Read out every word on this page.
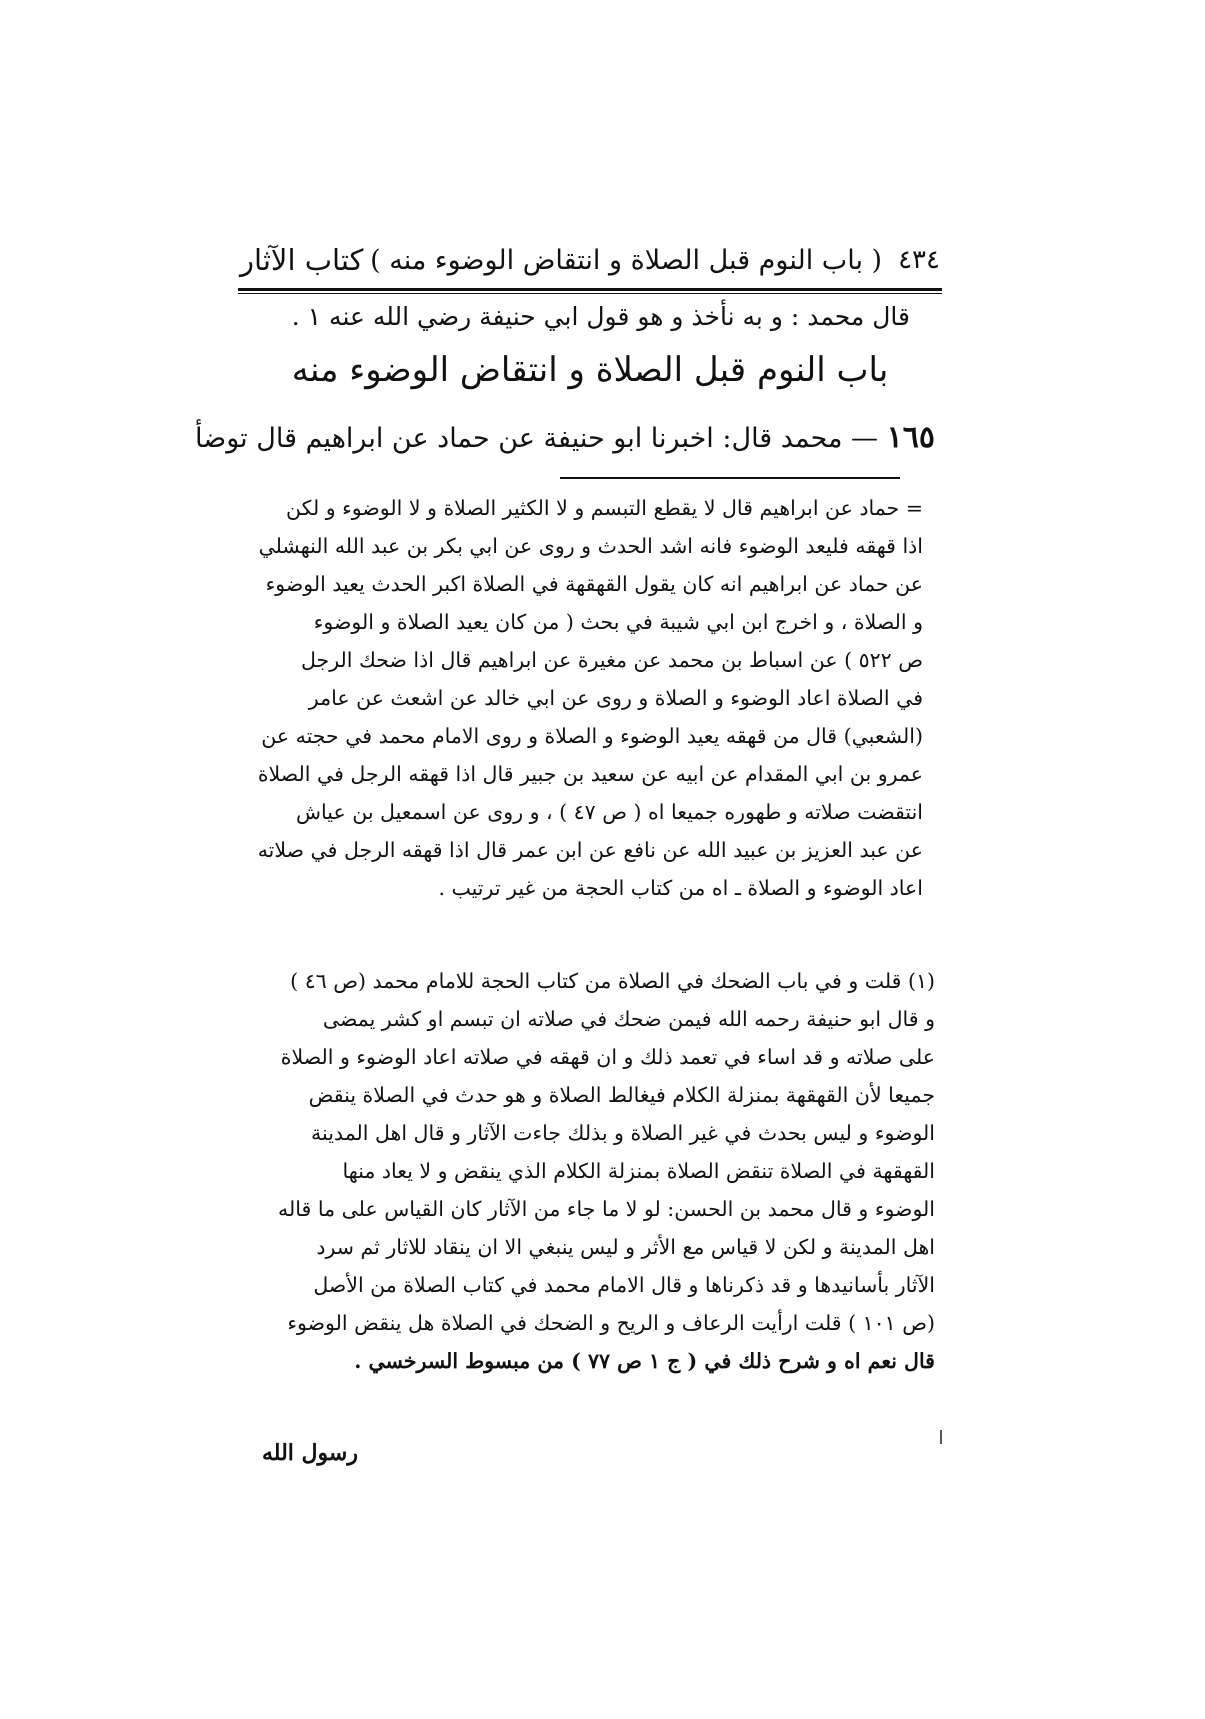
٤٣٤
( باب النوم قبل الصلاة و انتقاض الوضوء منه )
كتاب الآثار
قال محمد : و به نأخذ و هو قول ابي حنيفة رضي الله عنه ١ .
باب النوم قبل الصلاة و انتقاض الوضوء منه
١٦٥ — محمد قال: اخبرنا ابو حنيفة عن حماد عن ابراهيم قال توضأ

= حماد عن ابراهيم قال لا يقطع التبسم و لا الكثير الصلاة و لا الوضوء و لكن

اذا قهقه فليعد الوضوء فانه اشد الحدث و روى عن ابي بكر بن عبد الله النهشلي

عن حماد عن ابراهيم انه كان يقول القهقهة في الصلاة اكبر الحدث يعيد الوضوء

و الصلاة ، و اخرج ابن ابي شيبة في بحث ( من كان يعيد الصلاة و الوضوء

ص ٥٢٢ ) عن اسباط بن محمد عن مغيرة عن ابراهيم قال اذا ضحك الرجل

في الصلاة اعاد الوضوء و الصلاة و روى عن ابي خالد عن اشعث عن عامر

(الشعبي) قال من قهقه يعيد الوضوء و الصلاة و روى الامام محمد في حجته عن

عمرو بن ابي المقدام عن ابيه عن سعيد بن جبير قال اذا قهقه الرجل في الصلاة

انتقضت صلاته و طهوره جميعا اه ( ص ٤٧ ) ، و روى عن اسمعيل بن عياش

عن عبد العزيز بن عبيد الله عن نافع عن ابن عمر قال اذا قهقه الرجل في صلاته

اعاد الوضوء و الصلاة ـ اه من كتاب الحجة من غير ترتيب .

(١) قلت و في باب الضحك في الصلاة من كتاب الحجة للامام محمد (ص ٤٦ )

و قال ابو حنيفة رحمه الله فيمن ضحك في صلاته ان تبسم او كشر يمضى

على صلاته و قد اساء في تعمد ذلك و ان قهقه في صلاته اعاد الوضوء و الصلاة

جميعا لأن القهقهة بمنزلة الكلام فيغالط الصلاة و هو حدث في الصلاة ينقض

الوضوء و ليس بحدث في غير الصلاة و بذلك جاءت الآثار و قال اهل المدينة

القهقهة في الصلاة تنقض الصلاة بمنزلة الكلام الذي ينقض و لا يعاد منها

الوضوء و قال محمد بن الحسن: لو لا ما جاء من الآثار كان القياس على ما قاله

اهل المدينة و لكن لا قياس مع الأثر و ليس ينبغي الا ان ينقاد للاثار ثم سرد

الآثار بأسانيدها و قد ذكرناها و قال الامام محمد في كتاب الصلاة من الأصل

(ص ١٠١ ) قلت ارأيت الرعاف و الريح و الضحك في الصلاة هل ينقض الوضوء

قال نعم اه و شرح ذلك في ( ج ١ ص ٧٧ ) من مبسوط السرخسي .

رسول الله
